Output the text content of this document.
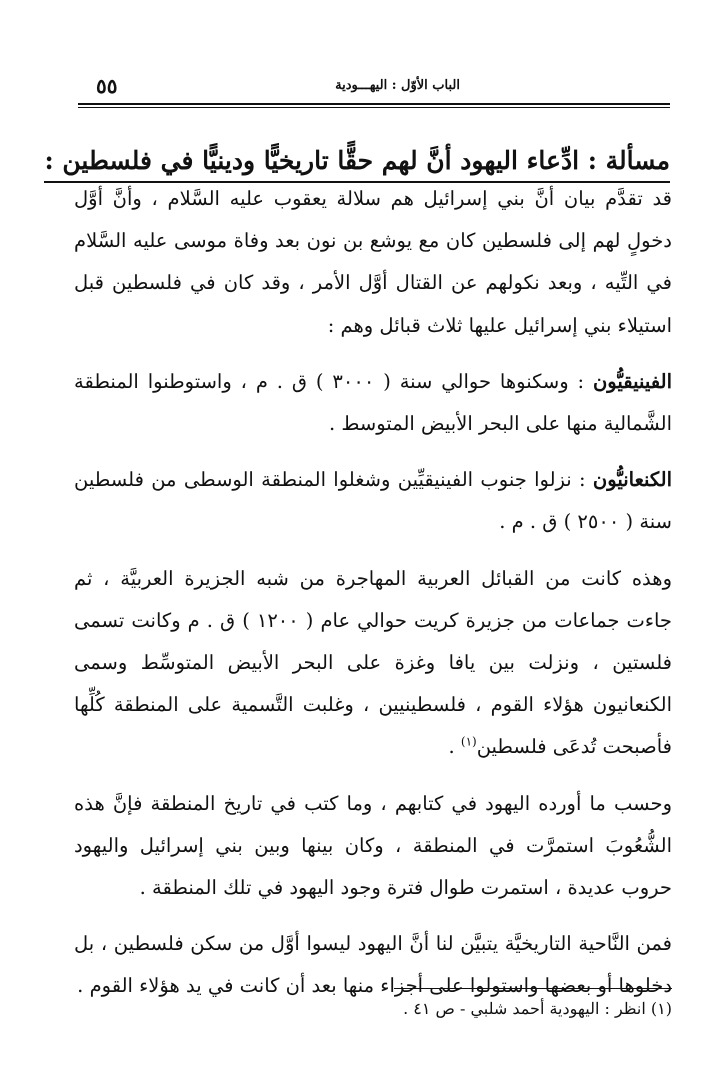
٥٥	الباب الأوّل : اليهـــودية
مسألة : ادِّعاء اليهود أنَّ لهم حقًّا تاريخيًّا ودينيًّا في فلسطين :

قد تقدَّم بيان أنَّ بني إسرائيل هم سلالة يعقوب عليه السَّلام ، وأنَّ أوَّل دخولٍ لهم إلى فلسطين كان مع يوشع بن نون بعد وفاة موسى عليه السَّلام في التِّيه ، وبعد نكولهم عن القتال أوَّل الأمر ، وقد كان في فلسطين قبل استيلاء بني إسرائيل عليها ثلاث قبائل وهم :

الفينيقيُّون : وسكنوها حوالي سنة ( ٣٠٠٠ ) ق . م ، واستوطنوا المنطقة الشَّمالية منها على البحر الأبيض المتوسط .

الكنعانيُّون : نزلوا جنوب الفينيقيِّين وشغلوا المنطقة الوسطى من فلسطين سنة ( ٢٥٠٠ ) ق . م .

وهذه كانت من القبائل العربية المهاجرة من شبه الجزيرة العربيَّة ، ثم جاءت جماعات من جزيرة كريت حوالي عام ( ١٢٠٠ ) ق . م وكانت تسمى فلستين ، ونزلت بين يافا وغزة على البحر الأبيض المتوسِّط وسمى الكنعانيون هؤلاء القوم ، فلسطينيين ، وغلبت التَّسمية على المنطقة كُلِّها فأصبحت تُدعَى فلسطين$^{(١)}$ .

وحسب ما أورده اليهود في كتابهم ، وما كتب في تاريخ المنطقة فإنَّ هذه الشُّعُوبَ استمرَّت في المنطقة ، وكان بينها وبين بني إسرائيل واليهود حروب عديدة ، استمرت طوال فترة وجود اليهود في تلك المنطقة .

فمن النَّاحية التاريخيَّة يتبيَّن لنا أنَّ اليهود ليسوا أوَّل من سكن فلسطين ، بل دخلوها أو بعضها واستولوا على أجزاء منها بعد أن كانت في يد هؤلاء القوم .

(١) انظر : اليهودية أحمد شلبي - ص ٤١ .
